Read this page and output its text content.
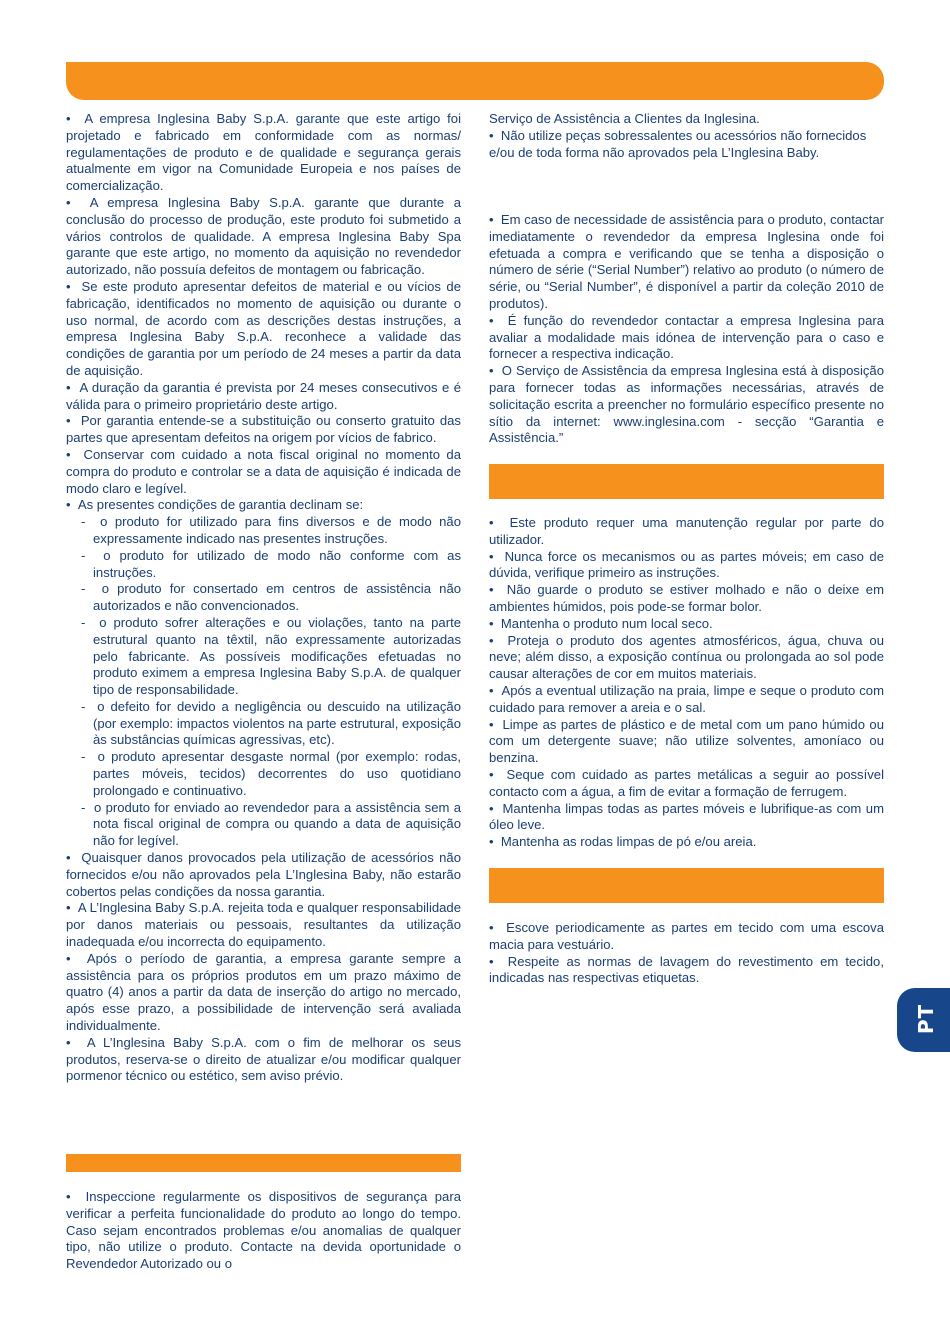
•  A empresa Inglesina Baby S.p.A. garante que este artigo foi projetado e fabricado em conformidade com as normas/ regulamentações de produto e de qualidade e segurança gerais atualmente em vigor na Comunidade Europeia e nos países de comercialização.

•  A empresa Inglesina Baby S.p.A. garante que durante a conclusão do processo de produção, este produto foi submetido a vários controlos de qualidade. A empresa Inglesina Baby Spa garante que este artigo, no momento da aquisição no revendedor autorizado, não possuía defeitos de montagem ou fabricação.

•  Se este produto apresentar defeitos de material e ou vícios de fabricação, identificados no momento de aquisição ou durante o uso normal, de acordo com as descrições destas instruções, a empresa Inglesina Baby S.p.A. reconhece a validade das condições de garantia por um período de 24 meses a partir da data de aquisição.

•  A duração da garantia é prevista por 24 meses consecutivos e é válida para o primeiro proprietário deste artigo.

•  Por garantia entende-se a substituição ou conserto gratuito das partes que apresentam defeitos na origem por vícios de fabrico.

•  Conservar com cuidado a nota fiscal original no momento da compra do produto e controlar se a data de aquisição é indicada de modo claro e legível.

•  As presentes condições de garantia declinam se:

-  o produto for utilizado para fins diversos e de modo não expressamente indicado nas presentes instruções.

-  o produto for utilizado de modo não conforme com as instruções.

-  o produto for consertado em centros de assistência não autorizados e não convencionados.

-  o produto sofrer alterações e ou violações, tanto na parte estrutural quanto na têxtil, não expressamente autorizadas pelo fabricante. As possíveis modificações efetuadas no produto eximem a empresa Inglesina Baby S.p.A. de qualquer tipo de responsabilidade.

-  o defeito for devido a negligência ou descuido na utilização (por exemplo: impactos violentos na parte estrutural, exposição às substâncias químicas agressivas, etc).

-  o produto apresentar desgaste normal (por exemplo: rodas, partes móveis, tecidos) decorrentes do uso quotidiano prolongado e continuativo.

-  o produto for enviado ao revendedor para a assistência sem a nota fiscal original de compra ou quando a data de aquisição não for legível.

•  Quaisquer danos provocados pela utilização de acessórios não fornecidos e/ou não aprovados pela L’Inglesina Baby, não estarão cobertos pelas condições da nossa garantia.

•  A L’Inglesina Baby S.p.A. rejeita toda e qualquer responsabilidade por danos materiais ou pessoais, resultantes da utilização inadequada e/ou incorrecta do equipamento.

•  Após o período de garantia, a empresa garante sempre a assistência para os próprios produtos em um prazo máximo de quatro (4) anos a partir da data de inserção do artigo no mercado, após esse prazo, a possibilidade de intervenção será avaliada individualmente.

•  A L’Inglesina Baby S.p.A. com o fim de melhorar os seus produtos, reserva-se o direito de atualizar e/ou modificar qualquer pormenor técnico ou estético, sem aviso prévio.

•  Inspeccione regularmente os dispositivos de segurança para verificar a perfeita funcionalidade do produto ao longo do tempo. Caso sejam encontrados problemas e/ou anomalias de qualquer tipo, não utilize o produto. Contacte na devida oportunidade o Revendedor Autorizado ou o

Serviço de Assistência a Clientes da Inglesina.

•  Não utilize peças sobressalentes ou acessórios não fornecidos e/ou de toda forma não aprovados pela L’Inglesina Baby.

•  Em caso de necessidade de assistência para o produto, contactar imediatamente o revendedor da empresa Inglesina onde foi efetuada a compra e verificando que se tenha a disposição o número de série (“Serial Number”) relativo ao produto (o número de série, ou “Serial Number”, é disponível a partir da coleção 2010 de produtos).

•  É função do revendedor contactar a empresa Inglesina para avaliar a modalidade mais idónea de intervenção para o caso e fornecer a respectiva indicação.

•  O Serviço de Assistência da empresa Inglesina está à disposição para fornecer todas as informações necessárias, através de solicitação escrita a preencher no formulário específico presente no sítio da internet: www.inglesina.com - secção “Garantia e Assistência.”

•  Este produto requer uma manutenção regular por parte do utilizador.

•  Nunca force os mecanismos ou as partes móveis; em caso de dúvida, verifique primeiro as instruções.

•  Não guarde o produto se estiver molhado e não o deixe em ambientes húmidos, pois pode-se formar bolor.

•  Mantenha o produto num local seco.

•  Proteja o produto dos agentes atmosféricos, água, chuva ou neve; além disso, a exposição contínua ou prolongada ao sol pode causar alterações de cor em muitos materiais.

•  Após a eventual utilização na praia, limpe e seque o produto com cuidado para remover a areia e o sal.

•  Limpe as partes de plástico e de metal com um pano húmido ou com um detergente suave; não utilize solventes, amoníaco ou benzina.

•  Seque com cuidado as partes metálicas a seguir ao possível contacto com a água, a fim de evitar a formação de ferrugem.

•  Mantenha limpas todas as partes móveis e lubrifique-as com um óleo leve.

•  Mantenha as rodas limpas de pó e/ou areia.

•  Escove periodicamente as partes em tecido com uma escova macia para vestuário.

•  Respeite as normas de lavagem do revestimento em tecido, indicadas nas respectivas etiquetas.

PT
